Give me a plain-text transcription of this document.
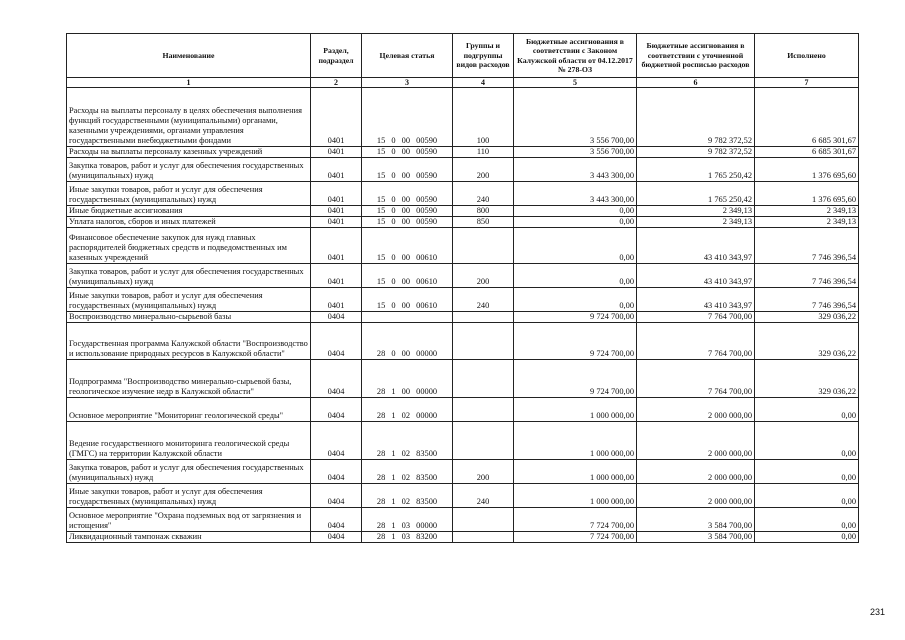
Наименование	Раздел, подраздел	Целевая статья	Группы и подгруппы видов расходов	Бюджетные ассигнования в соответствии с Законом Калужской области от 04.12.2017 № 278-ОЗ	Бюджетные ассигнования в соответствии с уточненной бюджетной росписью расходов	Исполнено
1	2	3	4	5	6	7
Расходы на выплаты персоналу в целях обеспечения выполнения функций государственными (муниципальными) органами, казенными учреждениями, органами управления государственными внебюджетными фондами	0401	15 0 00 00590	100	3 556 700,00	9 782 372,52	6 685 301,67
Расходы на выплаты персоналу казенных учреждений	0401	15 0 00 00590	110	3 556 700,00	9 782 372,52	6 685 301,67
Закупка товаров, работ и услуг для обеспечения государственных (муниципальных) нужд	0401	15 0 00 00590	200	3 443 300,00	1 765 250,42	1 376 695,60
Иные закупки товаров, работ и услуг для обеспечения государственных (муниципальных) нужд	0401	15 0 00 00590	240	3 443 300,00	1 765 250,42	1 376 695,60
Иные бюджетные ассигнования	0401	15 0 00 00590	800	0,00	2 349,13	2 349,13
Уплата налогов, сборов и иных платежей	0401	15 0 00 00590	850	0,00	2 349,13	2 349,13
Финансовое обеспечение закупок для нужд главных распорядителей бюджетных средств и подведомственных им казенных учреждений	0401	15 0 00 00610		0,00	43 410 343,97	7 746 396,54
Закупка товаров, работ и услуг для обеспечения государственных (муниципальных) нужд	0401	15 0 00 00610	200	0,00	43 410 343,97	7 746 396,54
Иные закупки товаров, работ и услуг для обеспечения государственных (муниципальных) нужд	0401	15 0 00 00610	240	0,00	43 410 343,97	7 746 396,54
Воспроизводство минерально-сырьевой базы	0404			9 724 700,00	7 764 700,00	329 036,22
Государственная программа Калужской области "Воспроизводство и использование природных ресурсов в Калужской области"	0404	28 0 00 00000		9 724 700,00	7 764 700,00	329 036,22
Подпрограмма "Воспроизводство минерально-сырьевой базы, геологическое изучение недр в Калужской области"	0404	28 1 00 00000		9 724 700,00	7 764 700,00	329 036,22
Основное мероприятие "Мониторинг геологической среды"	0404	28 1 02 00000		1 000 000,00	2 000 000,00	0,00
Ведение государственного мониторинга геологической среды (ГМГС) на территории Калужской области	0404	28 1 02 83500		1 000 000,00	2 000 000,00	0,00
Закупка товаров, работ и услуг для обеспечения государственных (муниципальных) нужд	0404	28 1 02 83500	200	1 000 000,00	2 000 000,00	0,00
Иные закупки товаров, работ и услуг для обеспечения государственных (муниципальных) нужд	0404	28 1 02 83500	240	1 000 000,00	2 000 000,00	0,00
Основное мероприятие "Охрана подземных вод от загрязнения и истощения"	0404	28 1 03 00000		7 724 700,00	3 584 700,00	0,00
Ликвидационный тампонаж скважин	0404	28 1 03 83200		7 724 700,00	3 584 700,00	0,00
231
